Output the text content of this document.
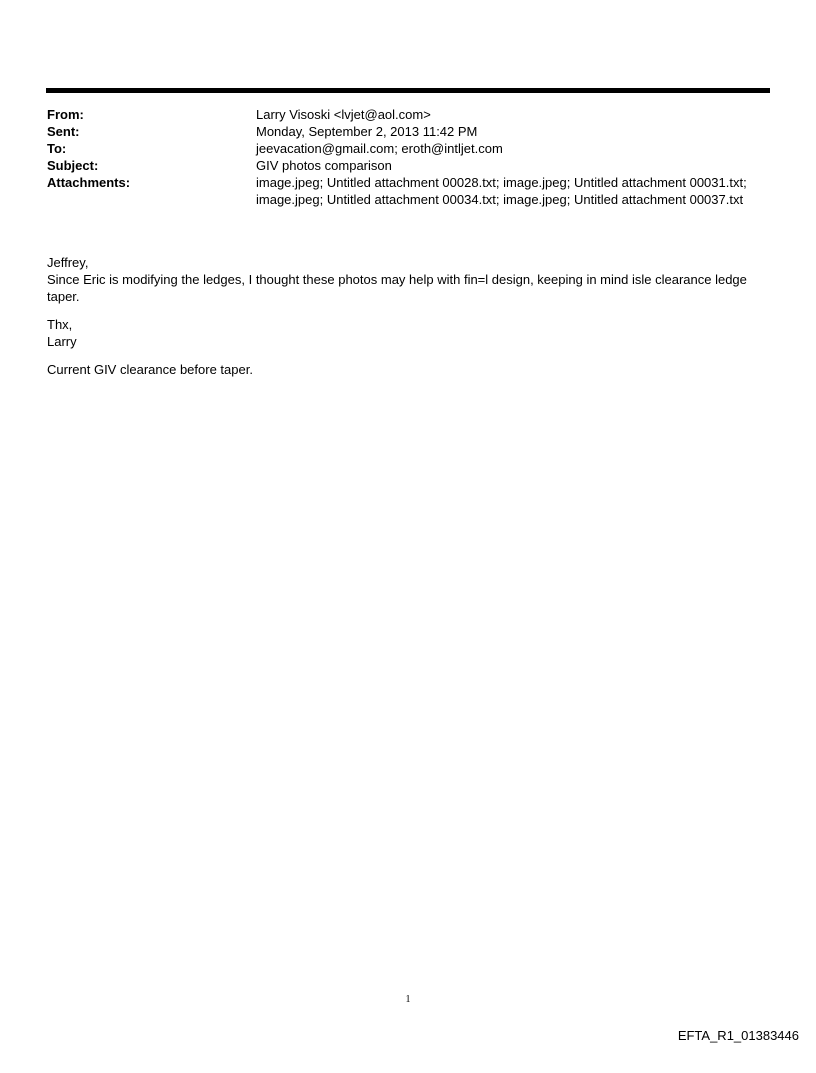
From:	Larry Visoski <lvjet@aol.com>
Sent:	Monday, September 2, 2013 11:42 PM
To:	jeevacation@gmail.com; eroth@intljet.com
Subject:	GIV photos comparison
Attachments:	image.jpeg; Untitled attachment 00028.txt; image.jpeg; Untitled attachment 00031.txt;
image.jpeg; Untitled attachment 00034.txt; image.jpeg; Untitled attachment 00037.txt

Jeffrey,

Since Eric is modifying the ledges, I thought these photos may help with fin=l design, keeping in mind isle clearance ledge taper.

Thx,

Larry

Current GIV clearance before taper.

1
EFTA_R1_01383446
